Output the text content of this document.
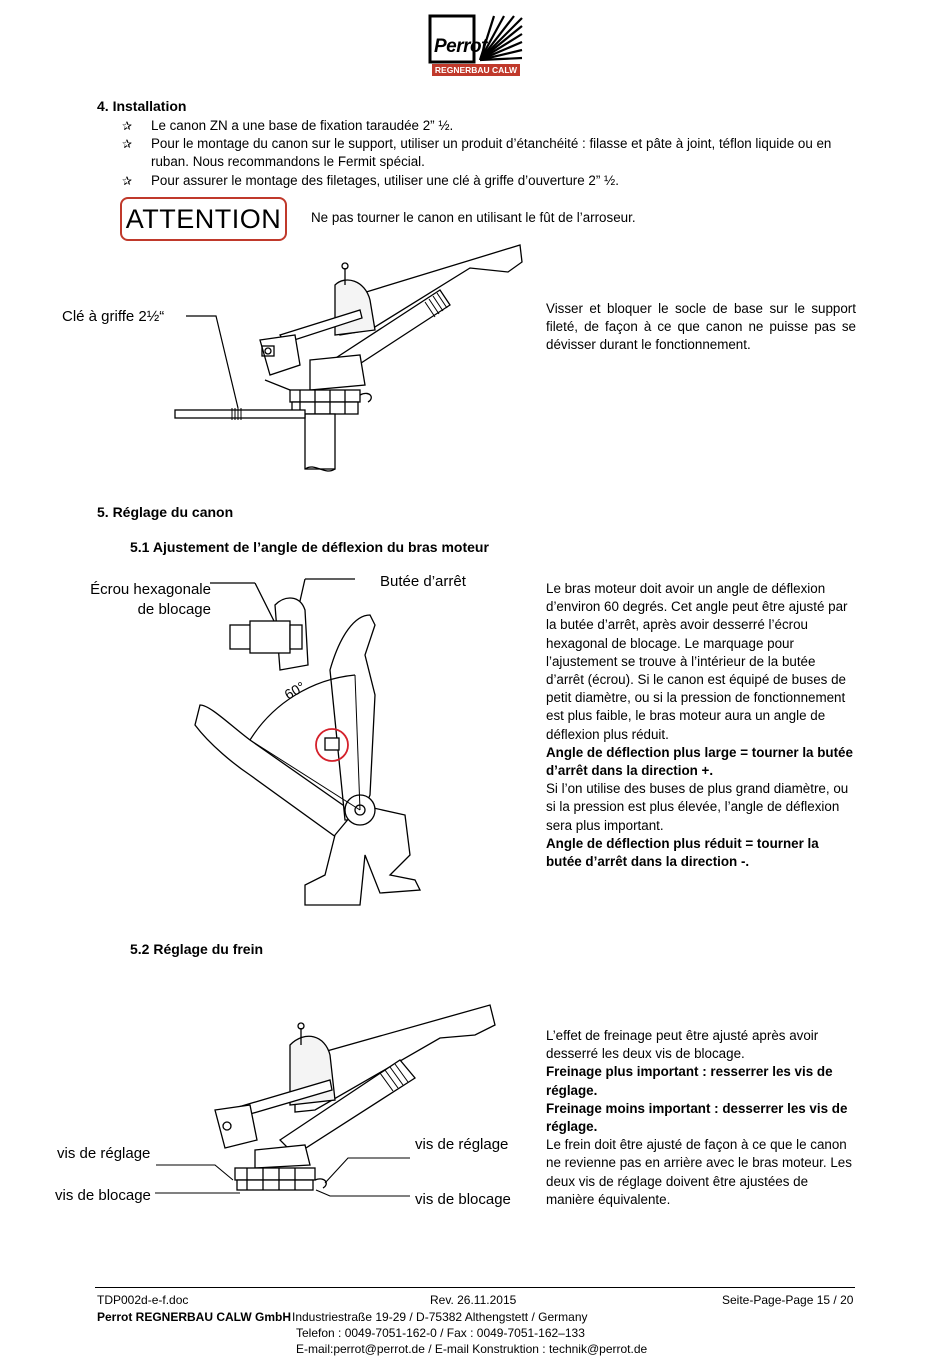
Perrot
REGNERBAU CALW
4. Installation
✰ Le canon ZN a une base de fixation taraudée 2” ½.
✰ Pour le montage du canon sur le support, utiliser un produit d’étanchéité : filasse et pâte à joint, téflon liquide ou en ruban. Nous recommandons le Fermit spécial.
✰ Pour assurer le montage des filetages, utiliser une clé à griffe d’ouverture 2” ½.
ATTENTION	Ne pas tourner le canon en utilisant le fût de l’arroseur.
Clé à griffe 2½“	Visser et bloquer le socle de base sur le support fileté, de façon à ce que canon ne puisse pas se dévisser durant le fonctionnement.
5. Réglage du canon
5.1 Ajustement de l’angle de déflexion du bras moteur
Écrou hexagonale
de blocage
Butée d’arrêt
60°
Le bras moteur doit avoir un angle de déflexion d’environ 60 degrés. Cet angle peut être ajusté par la butée d’arrêt, après avoir desserré l’écrou hexagonal de blocage. Le marquage pour l’ajustement se trouve à l’intérieur de la butée d’arrêt (écrou). Si le canon est équipé de buses de petit diamètre, ou si la pression de fonctionnement est plus faible, le bras moteur aura un angle de déflexion plus réduit.
Angle de déflection plus large = tourner la butée d’arrêt dans la direction +.
Si l’on utilise des buses de plus grand diamètre, ou si la pression est plus élevée, l’angle de déflexion sera plus important.
Angle de déflection plus réduit = tourner la butée d’arrêt dans la direction -.
5.2 Réglage du frein
vis de réglage
vis de blocage
vis de réglage
vis de blocage
L’effet de freinage peut être ajusté après avoir desserré les deux vis de blocage.
Freinage plus important : resserrer les vis de réglage.
Freinage moins important : desserrer les vis de réglage.
Le frein doit être ajusté de façon à ce que le canon ne revienne pas en arrière avec le bras moteur. Les deux vis de réglage doivent être ajustées de manière équivalente.
TDP002d-e-f.doc	Rev. 26.11.2015	Seite-Page-Page 15 / 20
Perrot REGNERBAU CALW GmbH Industriestraße 19-29 / D-75382 Althengstett / Germany
Telefon : 0049-7051-162-0 / Fax : 0049-7051-162–133
E-mail:perrot@perrot.de / E-mail Konstruktion : technik@perrot.de
